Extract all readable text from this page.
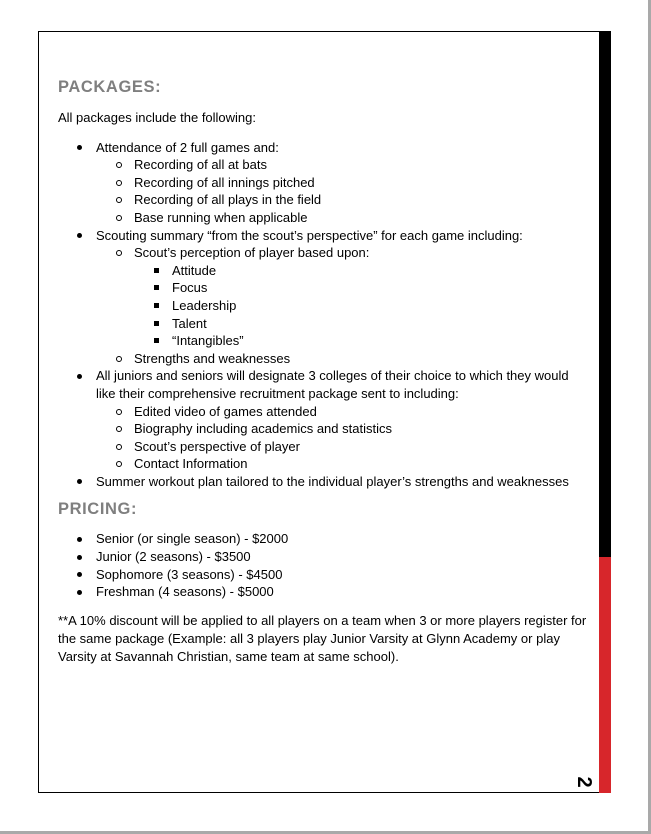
2
PACKAGES:
All packages include the following:
Attendance of 2 full games and:
Recording of all at bats
Recording of all innings pitched
Recording of all plays in the field
Base running when applicable
Scouting summary “from the scout’s perspective” for each game including:
Scout’s perception of player based upon:
Attitude
Focus
Leadership
Talent
“Intangibles”
Strengths and weaknesses
All juniors and seniors will designate 3 colleges of their choice to which they would like their comprehensive recruitment package sent to including:
Edited video of games attended
Biography including academics and statistics
Scout’s perspective of player
Contact Information
Summer workout plan tailored to the individual player’s strengths and weaknesses
PRICING:
Senior (or single season) - $2000
Junior (2 seasons) - $3500
Sophomore (3 seasons) - $4500
Freshman (4 seasons) - $5000
**A 10% discount will be applied to all players on a team when 3 or more players register for the same package (Example: all 3 players play Junior Varsity at Glynn Academy or play Varsity at Savannah Christian, same team at same school).
